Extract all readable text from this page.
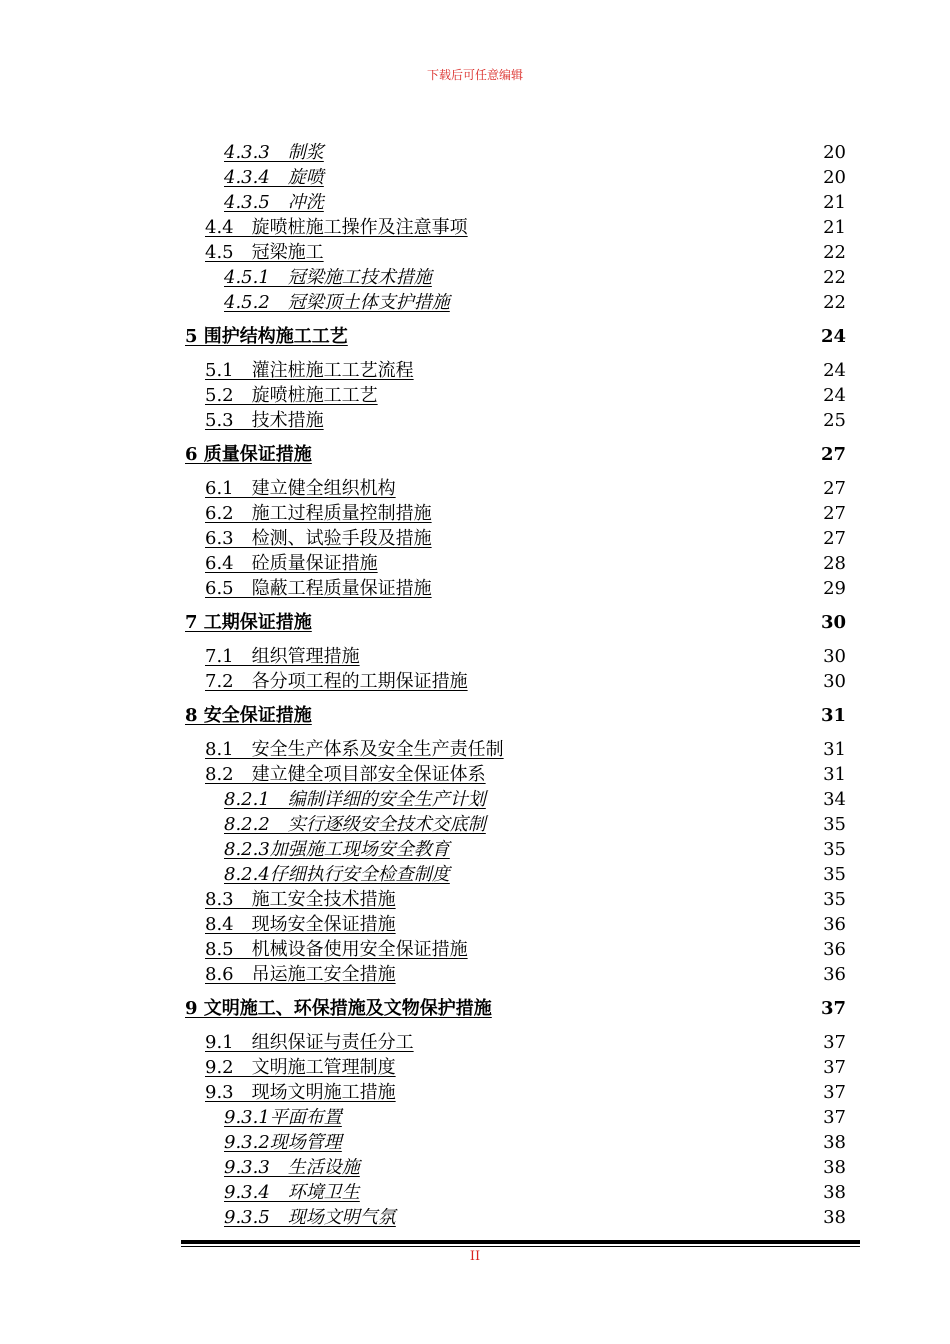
下载后可任意编辑
4.3.3　制浆	20
4.3.4　旋喷	20
4.3.5　冲洗	21
4.4　旋喷桩施工操作及注意事项	21
4.5　冠梁施工	22
4.5.1　冠梁施工技术措施	22
4.5.2　冠梁顶土体支护措施	22
5 围护结构施工工艺	24
5.1　灌注桩施工工艺流程	24
5.2　旋喷桩施工工艺	24
5.3　技术措施	25
6 质量保证措施	27
6.1　建立健全组织机构	27
6.2　施工过程质量控制措施	27
6.3　检测、试验手段及措施	27
6.4　砼质量保证措施	28
6.5　隐蔽工程质量保证措施	29
7 工期保证措施	30
7.1　组织管理措施	30
7.2　各分项工程的工期保证措施	30
8 安全保证措施	31
8.1　安全生产体系及安全生产责任制	31
8.2　建立健全项目部安全保证体系	31
8.2.1　编制详细的安全生产计划	34
8.2.2　实行逐级安全技术交底制	35
8.2.3加强施工现场安全教育	35
8.2.4仔细执行安全检查制度	35
8.3　施工安全技术措施	35
8.4　现场安全保证措施	36
8.5　机械设备使用安全保证措施	36
8.6　吊运施工安全措施	36
9 文明施工、环保措施及文物保护措施	37
9.1　组织保证与责任分工	37
9.2　文明施工管理制度	37
9.3　现场文明施工措施	37
9.3.1平面布置	37
9.3.2现场管理	38
9.3.3　生活设施	38
9.3.4　环境卫生	38
9.3.5　现场文明气氛	38
II
